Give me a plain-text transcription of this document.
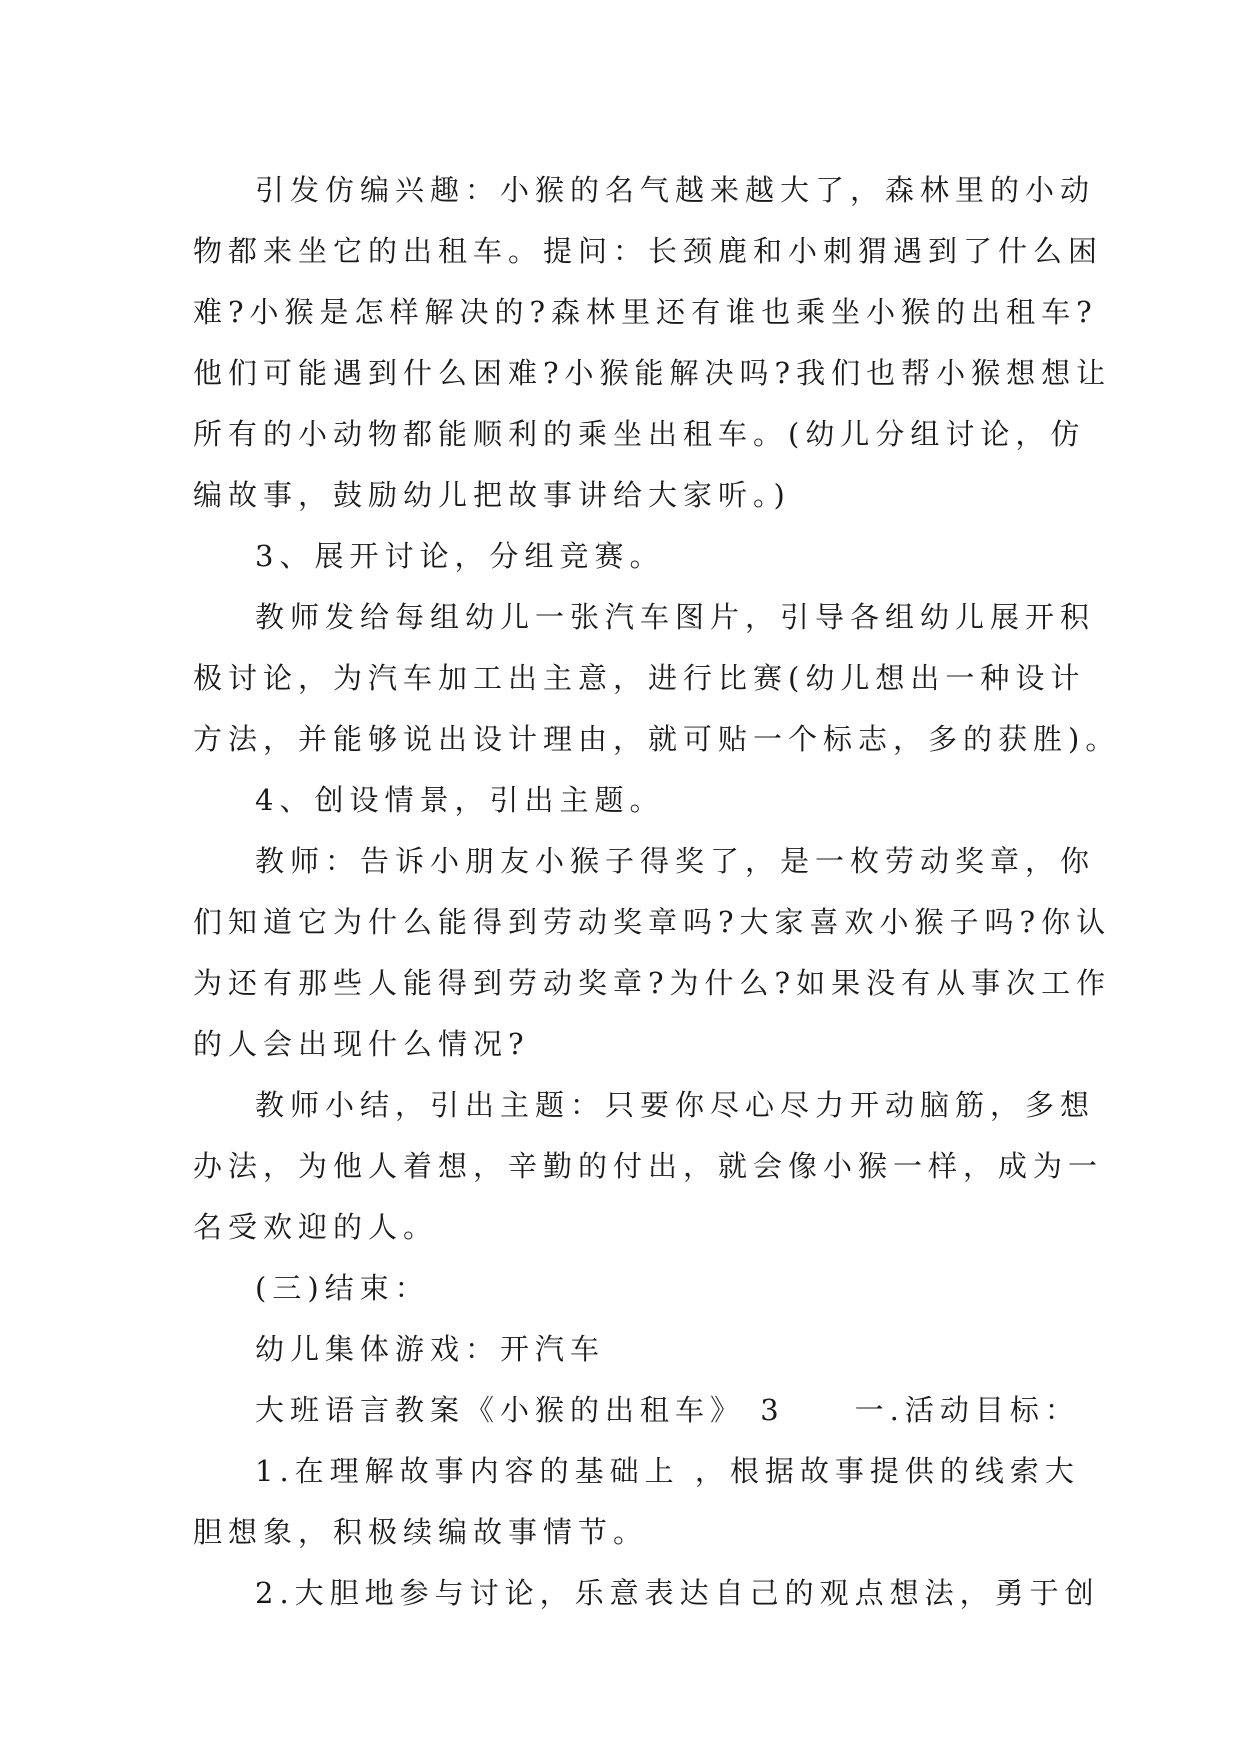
引发仿编兴趣：小猴的名气越来越大了，森林里的小动
物都来坐它的出租车。提问：长颈鹿和小刺猬遇到了什么困
难?小猴是怎样解决的?森林里还有谁也乘坐小猴的出租车?
他们可能遇到什么困难?小猴能解决吗?我们也帮小猴想想让
所有的小动物都能顺利的乘坐出租车。(幼儿分组讨论，仿
编故事，鼓励幼儿把故事讲给大家听。)
3、展开讨论，分组竞赛。
教师发给每组幼儿一张汽车图片，引导各组幼儿展开积
极讨论，为汽车加工出主意，进行比赛(幼儿想出一种设计
方法，并能够说出设计理由，就可贴一个标志，多的获胜)。
4、创设情景，引出主题。
教师：告诉小朋友小猴子得奖了，是一枚劳动奖章，你
们知道它为什么能得到劳动奖章吗?大家喜欢小猴子吗?你认
为还有那些人能得到劳动奖章?为什么?如果没有从事次工作
的人会出现什么情况?
教师小结，引出主题：只要你尽心尽力开动脑筋，多想
办法，为他人着想，辛勤的付出，就会像小猴一样，成为一
名受欢迎的人。
(三)结束：
幼儿集体游戏：开汽车
大班语言教案《小猴的出租车》 3　　一.活动目标：
1.在理解故事内容的基础上 ，根据故事提供的线索大
胆想象，积极续编故事情节。
2.大胆地参与讨论，乐意表达自己的观点想法，勇于创
